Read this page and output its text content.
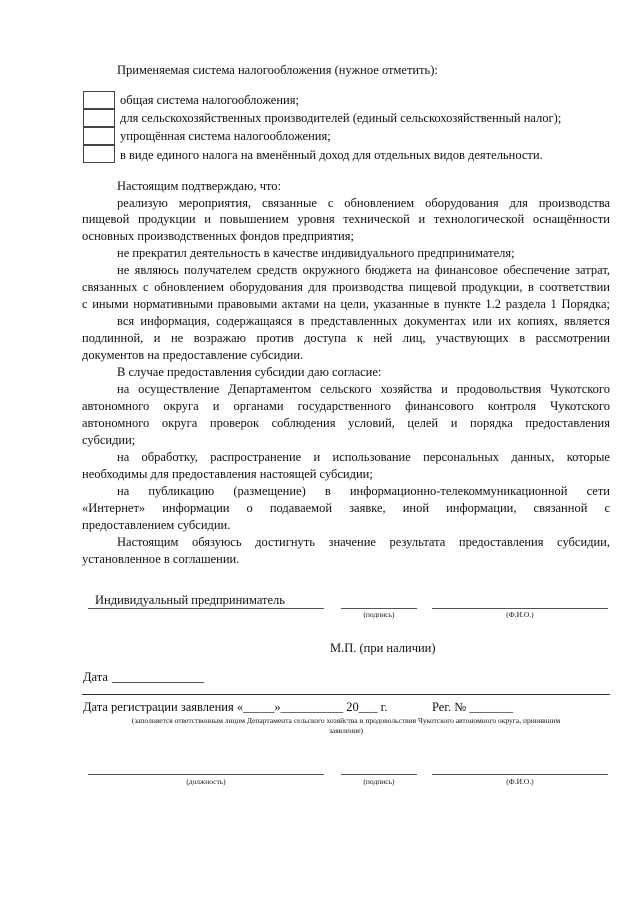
Применяемая система налогообложения (нужное отметить):
общая система налогообложения;
для сельскохозяйственных производителей (единый сельскохозяйственный налог);
упрощённая система налогообложения;
в виде единого налога на вменённый доход для отдельных видов деятельности.
Настоящим подтверждаю, что:
реализую мероприятия, связанные с обновлением оборудования для производства
пищевой продукции и повышением уровня технической и технологической оснащённости
основных производственных фондов предприятия;
не прекратил деятельность в качестве индивидуального предпринимателя;
не являюсь получателем средств окружного бюджета на финансовое обеспечение затрат,
связанных с обновлением оборудования для производства пищевой продукции, в соответствии
с иными нормативными правовыми актами на цели, указанные в пункте 1.2 раздела 1 Порядка;
вся информация, содержащаяся в представленных документах или их копиях, является
подлинной, и не возражаю против доступа к ней лиц, участвующих в рассмотрении
документов на предоставление субсидии.
В случае предоставления субсидии даю согласие:
на осуществление Департаментом сельского хозяйства и продовольствия Чукотского
автономного округа и органами государственного финансового контроля Чукотского
автономного округа проверок соблюдения условий, целей и порядка предоставления
субсидии;
на обработку, распространение и использование персональных данных, которые
необходимы для предоставления настоящей субсидии;
на публикацию (размещение) в информационно-телекоммуникационной сети
«Интернет» информации о подаваемой заявке, иной информации, связанной с
предоставлением субсидии.
Настоящим обязуюсь достигнуть значение результата предоставления субсидии,
установленное в соглашении.
Индивидуальный предприниматель
(подпись)	(Ф.И.О.)
М.П. (при наличии)
Дата
Дата регистрации заявления «_____»__________ 20___ г.	Рег. № _______
(заполняется ответственным лицом Департамента сельского хозяйства и продовольствия Чукотского автономного округа, принявшим
заявление)
(должность)	(подпись)	(Ф.И.О.)
